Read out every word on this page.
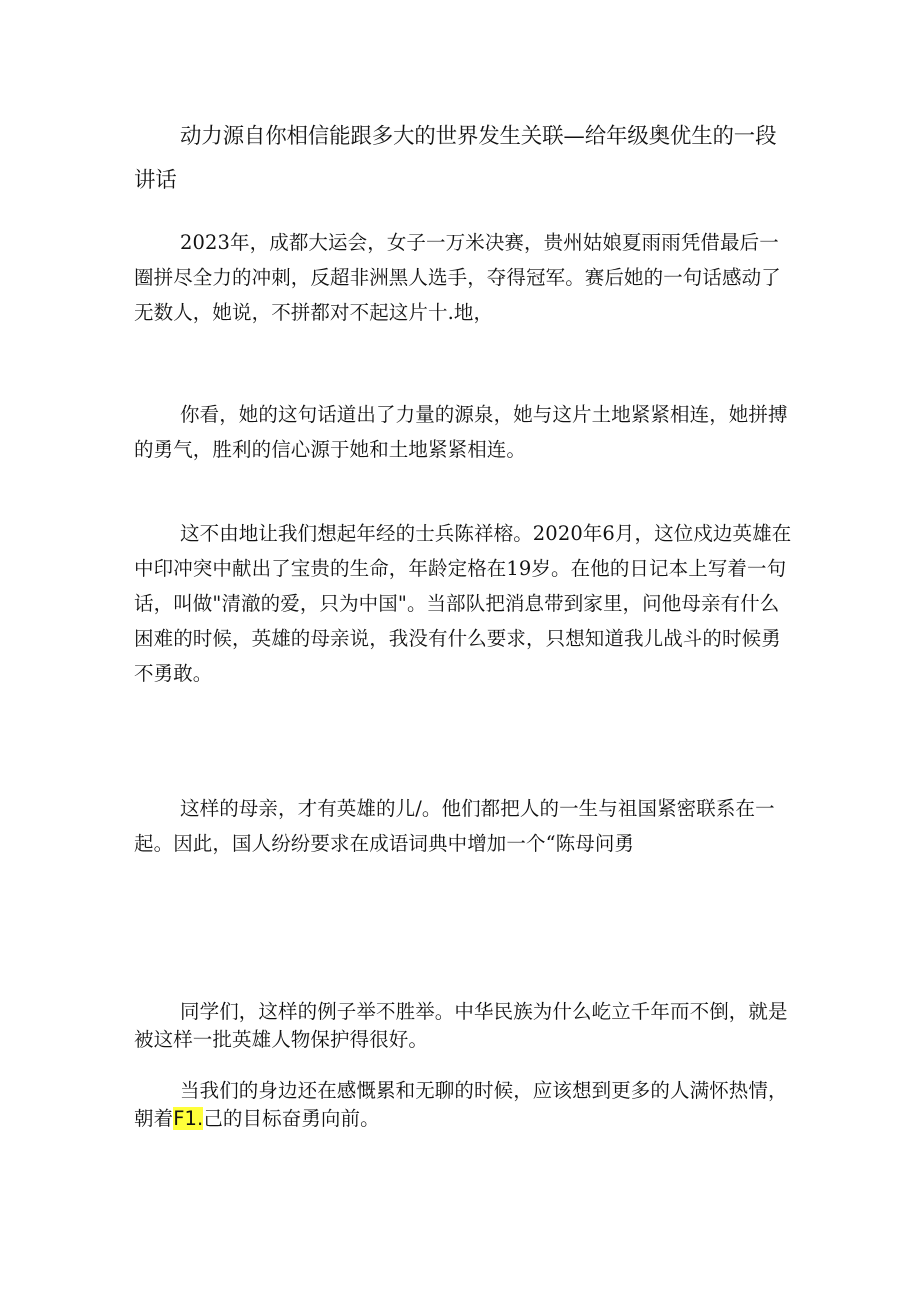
动力源自你相信能跟多大的世界发生关联—给年级奥优生的一段讲话

2023年，成都大运会，女子一万米决赛，贵州姑娘夏雨雨凭借最后一圈拼尽全力的冲刺，反超非洲黑人选手，夺得冠军。赛后她的一句话感动了无数人，她说，不拼都对不起这片十.地，

你看，她的这句话道出了力量的源泉，她与这片土地紧紧相连，她拼搏的勇气，胜利的信心源于她和土地紧紧相连。

这不由地让我们想起年经的士兵陈祥榕。2020年6月，这位戍边英雄在中印冲突中献出了宝贵的生命，年龄定格在19岁。在他的日记本上写着一句话，叫做"清澈的爱，只为中国"。当部队把消息带到家里，问他母亲有什么困难的时候，英雄的母亲说，我没有什么要求，只想知道我儿战斗的时候勇不勇敢。

这样的母亲，才有英雄的儿/。他们都把人的一生与祖国紧密联系在一起。因此，国人纷纷要求在成语词典中增加一个“陈母问勇

同学们，这样的例子举不胜举。中华民族为什么屹立千年而不倒，就是被这样一批英雄人物保护得很好。

当我们的身边还在感慨累和无聊的时候，应该想到更多的人满怀热情，朝着F1.己的目标奋勇向前。
